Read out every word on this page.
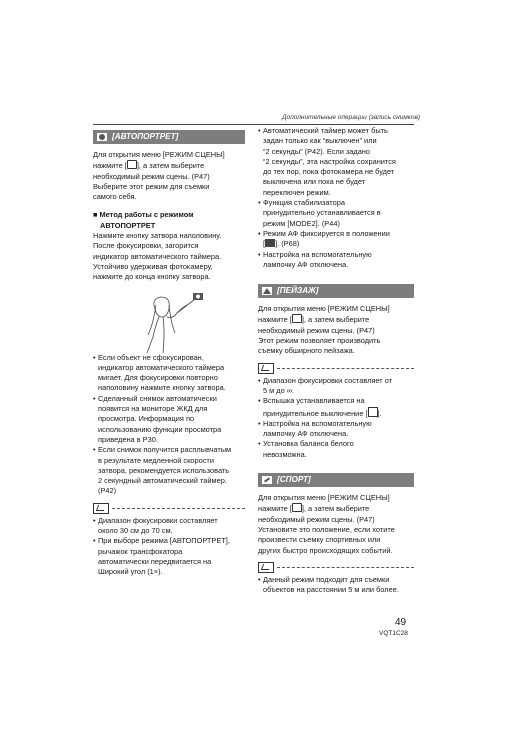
Дополнительные операции (запись снимков)
[АВТОПОРТРЕТ]

Для открытия меню [РЕЖИМ СЦЕНЫ]

нажмите [ ], а затем выберите

необходимый режим сцены. (P47)

Выберите этот режим для съемки

самого себя.

■ Метод работы с режимом

АВТОПОРТРЕТ

Нажмите кнопку затвора наполовину.

После фокусировки, загорится

индикатор автоматического таймера.

Устойчиво удерживая фотокамеру,

нажмите до конца кнопку затвора.

• Если объект не сфокусирован,
индикатор автоматического таймера
мигает. Для фокусировки повторно
наполовину нажмите кнопку затвора.
• Сделанный снимок автоматически
появится на мониторе ЖКД для
просмотра. Информация по
использованию функции просмотра
приведена в P30.
• Если снимок получится расплывчатым
в результате медленной скорости
затвора, рекомендуется использовать
2 секундный автоматический таймер.
(P42)
• Диапазон фокусировки составляет
около 30 см до 70 см.
• При выборе режима [АВТОПОРТРЕТ],
рычажок трансфокатора
автоматически передвигается на
Широкий угол (1×).
• Автоматический таймер может быть
задан только как “выключен” или
“2 секунды” (P42). Если задано
“2 секунды”, эта настройка сохранится
до тех пор, пока фотокамера не будет
выключена или пока не будет
переключен режим.
• Функция стабилизатора
принудительно устанавливается в
режим [MODE2]. (P44)
• Режим АФ фиксируется в положении
[ ]. (P68)
• Настройка на вспомогательную
лампочку АФ отключена.
[ПЕЙЗАЖ]

Для открытия меню [РЕЖИМ СЦЕНЫ]

нажмите [ ], а затем выберите

необходимый режим сцены. (P47)

Этот режим позволяет производить

съемку обширного пейзажа.

• Диапазон фокусировки составляет от
5 м до ∞.
• Вспышка устанавливается на
принудительное выключение [ ].
• Настройка на вспомогательную
лампочку АФ отключена.
• Установка баланса белого
невозможна.
[СПОРТ]

Для открытия меню [РЕЖИМ СЦЕНЫ]

нажмите [ ], а затем выберите

необходимый режим сцены. (P47)

Установите это положение, если хотите

произвести съемку спортивных или

других быстро происходящих событий.

• Данный режим подходит для съемки
объектов на расстоянии 5 м или более.
49
VQT1C28
